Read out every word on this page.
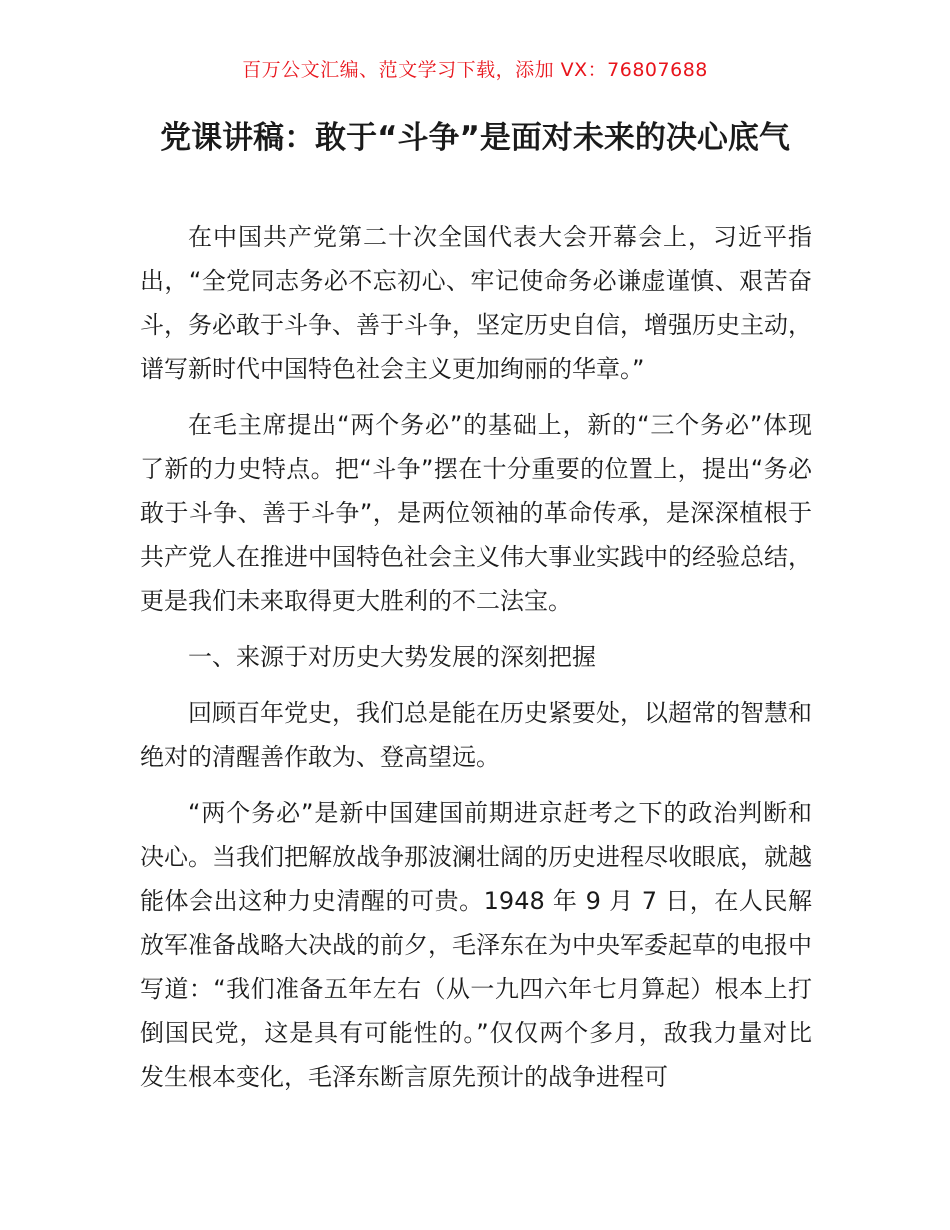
百万公文汇编、范文学习下载，添加 VX：76807688
党课讲稿：敢于“斗争”是面对未来的决心底气

在中国共产党第二十次全国代表大会开幕会上，习近平指出，“全党同志务必不忘初心、牢记使命务必谦虚谨慎、艰苦奋斗，务必敢于斗争、善于斗争，坚定历史自信，增强历史主动，谱写新时代中国特色社会主义更加绚丽的华章。”

在毛主席提出“两个务必”的基础上，新的“三个务必”体现了新的力史特点。把“斗争”摆在十分重要的位置上，提出“务必敢于斗争、善于斗争”，是两位领袖的革命传承，是深深植根于共产党人在推进中国特色社会主义伟大事业实践中的经验总结，更是我们未来取得更大胜利的不二法宝。

一、来源于对历史大势发展的深刻把握

回顾百年党史，我们总是能在历史紧要处，以超常的智慧和绝对的清醒善作敢为、登高望远。

“两个务必”是新中国建国前期进京赶考之下的政治判断和决心。当我们把解放战争那波澜壮阔的历史进程尽收眼底，就越能体会出这种力史清醒的可贵。1948 年 9 月 7 日，在人民解放军准备战略大决战的前夕，毛泽东在为中央军委起草的电报中写道：“我们准备五年左右（从一九四六年七月算起）根本上打倒国民党，这是具有可能性的。”仅仅两个多月，敌我力量对比发生根本变化，毛泽东断言原先预计的战争进程可
